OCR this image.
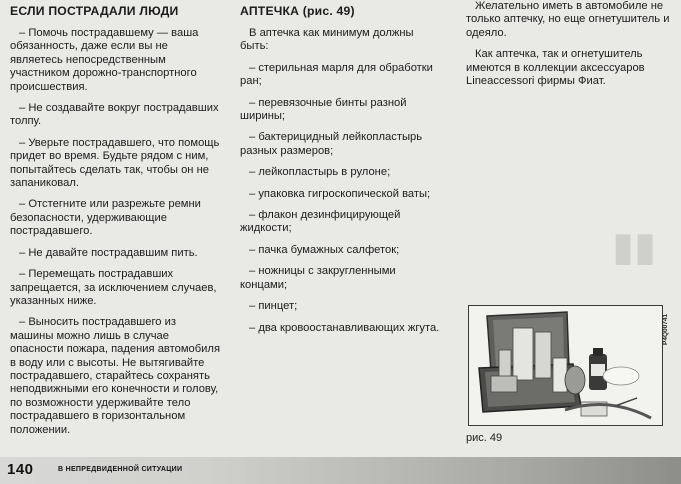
▮▮
ЕСЛИ ПОСТРАДАЛИ ЛЮДИ

– Помочь пострадавшему — ваша обязанность, даже если вы не являетесь непосредственным участником дорожно-транспортного происшествия.

– Не создавайте вокруг пострадавших толпу.

– Уверьте пострадавшего, что помощь придет во время. Будьте рядом с ним, попытайтесь сделать так, чтобы он не запаниковал.

– Отстегните или разрежьте ремни безопасности, удерживающие пострадавшего.

– Не давайте пострадавшим пить.

– Перемещать пострадавших запрещается, за исключением случаев, указанных ниже.

– Выносить пострадавшего из машины можно лишь в случае опасности пожара, падения автомобиля в воду или с высоты. Не вытягивайте пострадавшего, старайтесь сохранять неподвижными его конечности и голову, по возможности удерживайте тело пострадавшего в горизонтальном положении.

АПТЕЧКА (рис. 49)

В аптечка как минимум должны быть:

– стерильная марля для обработки ран;

– перевязочные бинты разной ширины;

– бактерицидный лейкопластырь разных размеров;

– лейкопластырь в рулоне;

– упаковка гигроскопической ваты;

– флакон дезинфицирующей жидкости;

– пачка бумажных салфеток;

– ножницы с закругленными концами;

– пинцет;

– два кровоостанавливающих жгута.

Желательно иметь в автомобиле не только аптечку, но еще огнетушитель и одеяло.

Как аптечка, так и огнетушитель имеются в коллекции аксессуаров Lineaccessori фирмы Фиат.

P4Q00741
рис. 49
140	В НЕПРЕДВИДЕННОЙ СИТУАЦИИ
